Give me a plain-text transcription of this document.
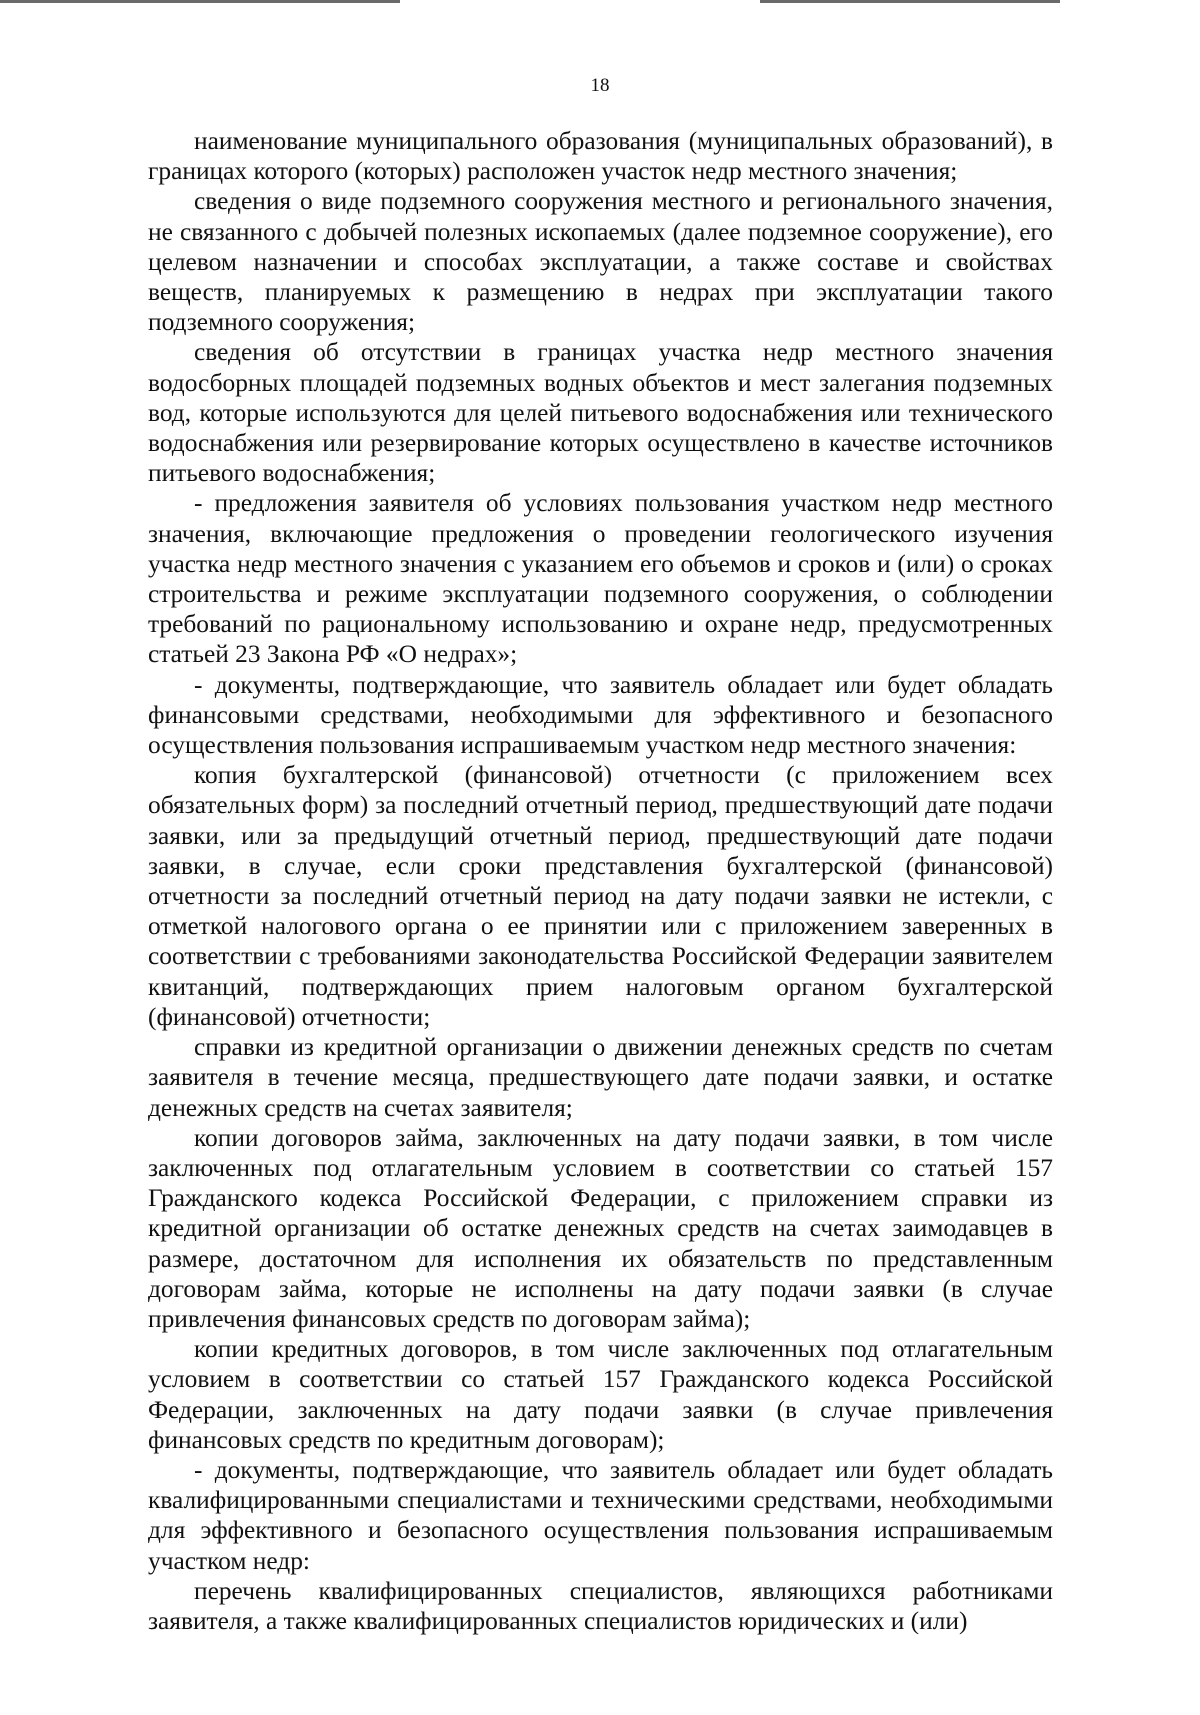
18

наименование муниципального образования (муниципальных образований), в границах которого (которых) расположен участок недр местного значения;

сведения о виде подземного сооружения местного и регионального значения, не связанного с добычей полезных ископаемых (далее подземное сооружение), его целевом назначении и способах эксплуатации, а также составе и свойствах веществ, планируемых к размещению в недрах при эксплуатации такого подземного сооружения;

сведения об отсутствии в границах участка недр местного значения водосборных площадей подземных водных объектов и мест залегания подземных вод, которые используются для целей питьевого водоснабжения или технического водоснабжения или резервирование которых осуществлено в качестве источников питьевого водоснабжения;

- предложения заявителя об условиях пользования участком недр местного значения, включающие предложения о проведении геологического изучения участка недр местного значения с указанием его объемов и сроков и (или) о сроках строительства и режиме эксплуатации подземного сооружения, о соблюдении требований по рациональному использованию и охране недр, предусмотренных статьей 23 Закона РФ «О недрах»;

- документы, подтверждающие, что заявитель обладает или будет обладать финансовыми средствами, необходимыми для эффективного и безопасного осуществления пользования испрашиваемым участком недр местного значения:

копия бухгалтерской (финансовой) отчетности (с приложением всех обязательных форм) за последний отчетный период, предшествующий дате подачи заявки, или за предыдущий отчетный период, предшествующий дате подачи заявки, в случае, если сроки представления бухгалтерской (финансовой) отчетности за последний отчетный период на дату подачи заявки не истекли, с отметкой налогового органа о ее принятии или с приложением заверенных в соответствии с требованиями законодательства Российской Федерации заявителем квитанций, подтверждающих прием налоговым органом бухгалтерской (финансовой) отчетности;

справки из кредитной организации о движении денежных средств по счетам заявителя в течение месяца, предшествующего дате подачи заявки, и остатке денежных средств на счетах заявителя;

копии договоров займа, заключенных на дату подачи заявки, в том числе заключенных под отлагательным условием в соответствии со статьей 157 Гражданского кодекса Российской Федерации, с приложением справки из кредитной организации об остатке денежных средств на счетах заимодавцев в размере, достаточном для исполнения их обязательств по представленным договорам займа, которые не исполнены на дату подачи заявки (в случае привлечения финансовых средств по договорам займа);

копии кредитных договоров, в том числе заключенных под отлагательным условием в соответствии со статьей 157 Гражданского кодекса Российской Федерации, заключенных на дату подачи заявки (в случае привлечения финансовых средств по кредитным договорам);

- документы, подтверждающие, что заявитель обладает или будет обладать квалифицированными специалистами и техническими средствами, необходимыми для эффективного и безопасного осуществления пользования испрашиваемым участком недр:

перечень квалифицированных специалистов, являющихся работниками заявителя, а также квалифицированных специалистов юридических и (или)
